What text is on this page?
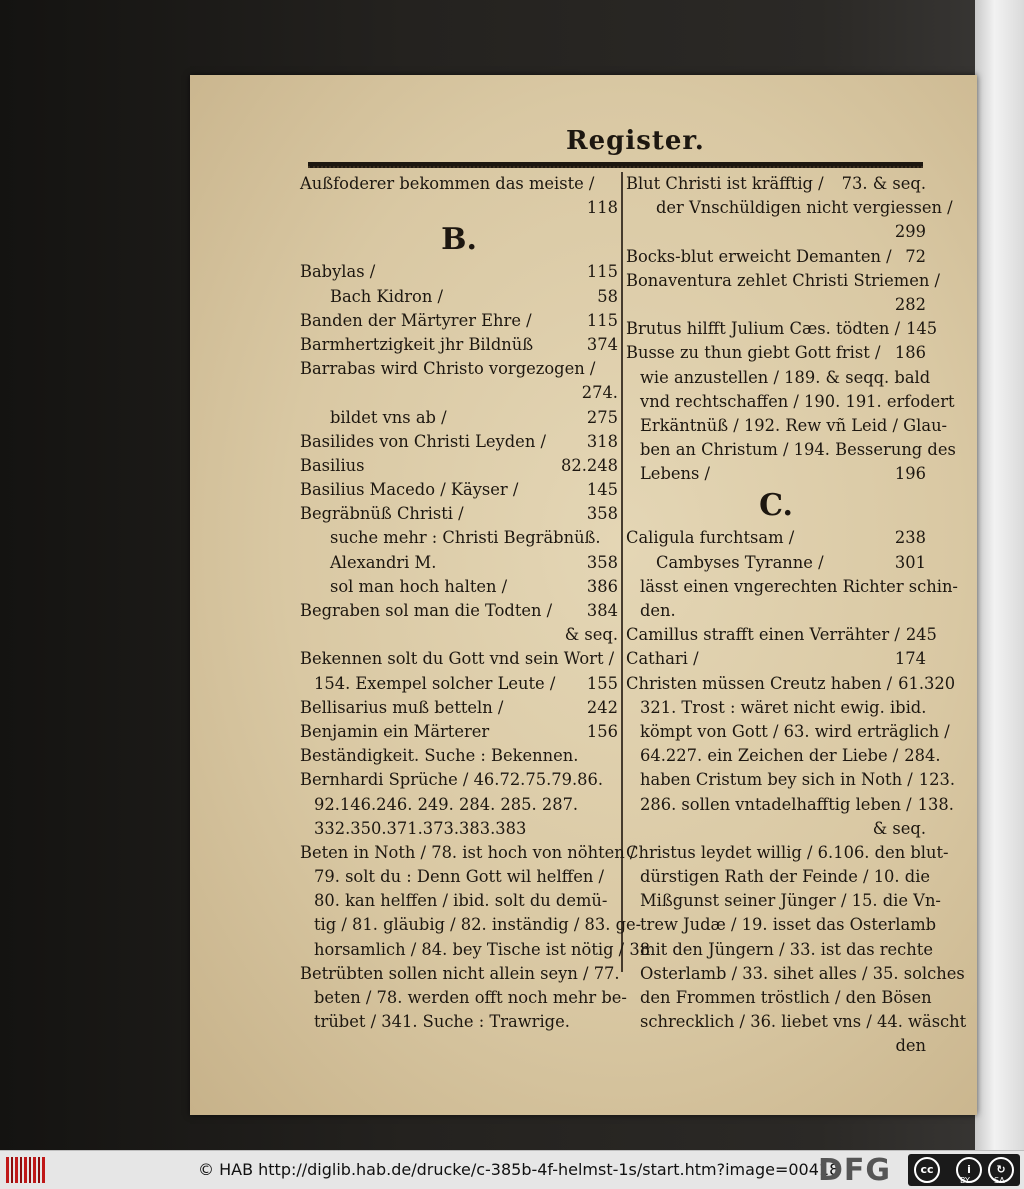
Register.
Außfoderer bekommen das meiste /
118
B.
Babylas /	115
Bach Kidron /	58
Banden der Märtyrer Ehre /	115
Barmhertzigkeit jhr Bildnüß	374
Barrabas wird Christo vorgezogen /
274.
bildet vns ab /	275
Basilides von Christi Leyden /	318
Basilius	82.248
Basilius Macedo / Käyser /	145
Begräbnüß Christi /	358
suche mehr : Christi Begräbnüß.
Alexandri M.	358
sol man hoch halten /	386
Begraben sol man die Todten /	384
& seq.
Bekennen solt du Gott vnd sein Wort /
154. Exempel solcher Leute /	155
Bellisarius muß betteln /	242
Benjamin ein Märterer	156
Beständigkeit. Suche : Bekennen.
Bernhardi Sprüche / 46.72.75.79.86.
92.146.246. 249. 284. 285. 287.
332.350.371.373.383.383
Beten in Noth / 78. ist hoch von nöhten /
79. solt du : Denn Gott wil helffen /
80. kan helffen / ibid. solt du demü-
tig / 81. gläubig / 82. inständig / 83. ge-
horsamlich / 84. bey Tische ist nötig / 38
Betrübten sollen nicht allein seyn / 77.
beten / 78. werden offt noch mehr be-
trübet / 341. Suche : Trawrige.
Blut Christi ist kräfftig /	73. & seq.
der Vnschüldigen nicht vergiessen /
299
Bocks-blut erweicht Demanten / 72
Bonaventura zehlet Christi Striemen /
282
Brutus hilfft Julium Cæs. tödten / 145
Busse zu thun giebt Gott frist / 186
wie anzustellen / 189. & seqq. bald
vnd rechtschaffen / 190. 191. erfodert
Erkäntnüß / 192. Rew vñ Leid / Glau-
ben an Christum / 194. Besserung des
Lebens /	196
C.
Caligula furchtsam /	238
Cambyses Tyranne /	301
lässt einen vngerechten Richter schin-
den.
Camillus strafft einen Verrähter / 245
Cathari /	174
Christen müssen Creutz haben / 61.320
321. Trost : wäret nicht ewig. ibid.
kömpt von Gott / 63. wird erträglich /
64.227. ein Zeichen der Liebe / 284.
haben Cristum bey sich in Noth / 123.
286. sollen vntadelhafftig leben / 138.
& seq.
Christus leydet willig / 6.106. den blut-
dürstigen Rath der Feinde / 10. die
Mißgunst seiner Jünger / 15. die Vn-
trew Judæ / 19. isset das Osterlamb
mit den Jüngern / 33. ist das rechte
Osterlamb / 33. sihet alles / 35. solches
den Frommen tröstlich / den Bösen
schrecklich / 36. liebet vns / 44. wäscht
den
© HAB http://diglib.hab.de/drucke/c-385b-4f-helmst-1s/start.htm?image=00418
DFG	cc	i	↻
BY	SA
